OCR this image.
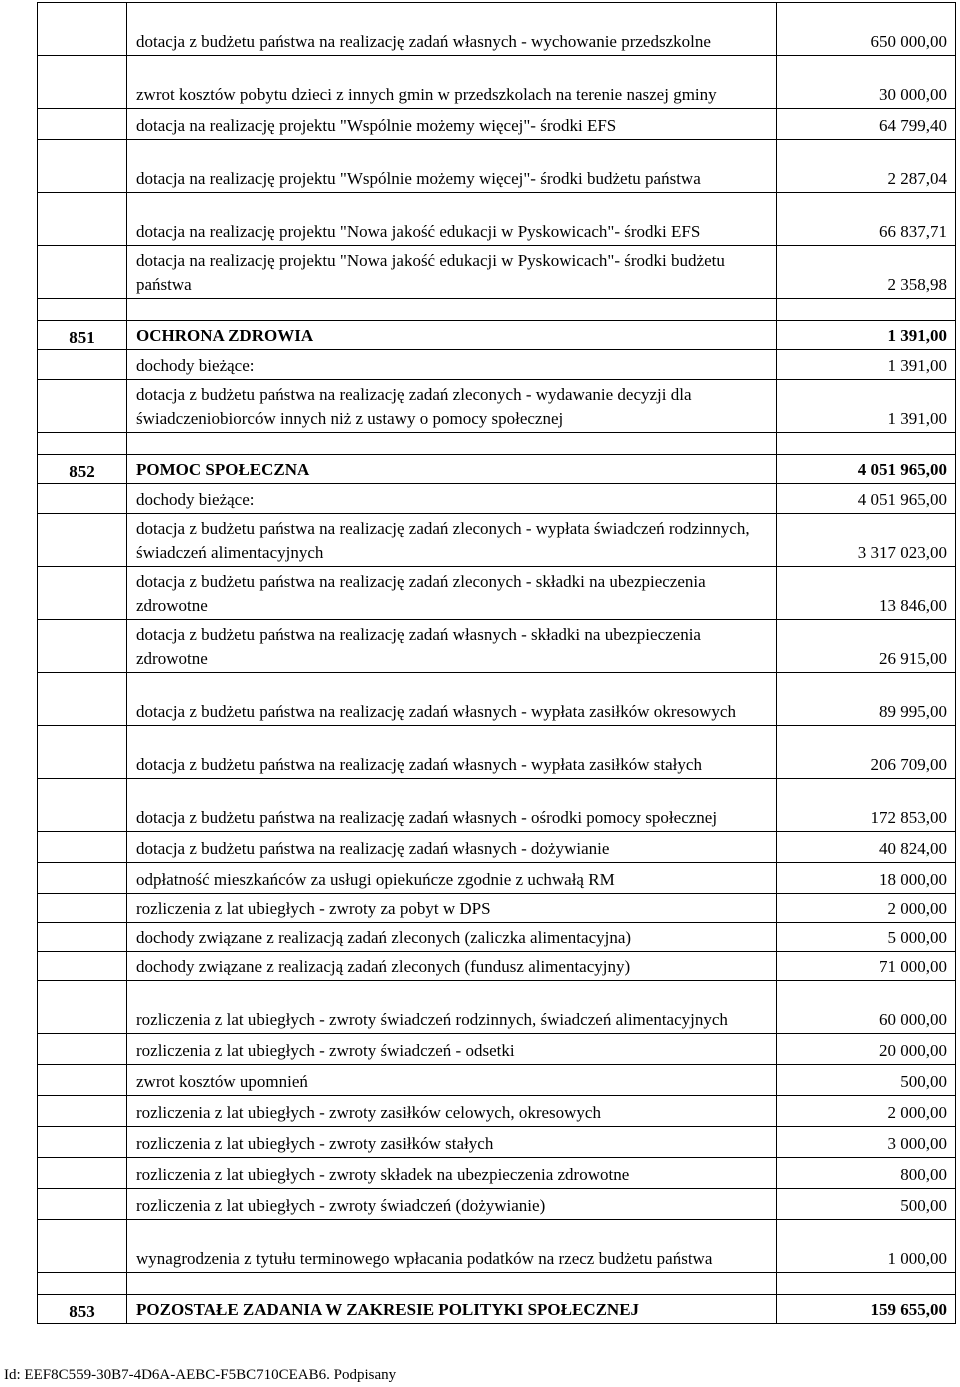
	dotacja z budżetu państwa na realizację zadań własnych - wychowanie przedszkolne	650 000,00

	zwrot kosztów pobytu dzieci z innych gmin w przedszkolach na terenie naszej gminy	30 000,00

	dotacja na realizację projektu "Wspólnie możemy więcej"- środki EFS	64 799,40

	dotacja na realizację projektu "Wspólnie możemy więcej"- środki budżetu państwa	2 287,04

	dotacja na realizację projektu "Nowa jakość edukacji w Pyskowicach"- środki EFS	66 837,71

	dotacja na realizację projektu "Nowa jakość edukacji w Pyskowicach"- środki budżetu państwa	2 358,98

851	OCHRONA ZDROWIA	1 391,00

	dochody bieżące:	1 391,00

	dotacja z budżetu państwa na realizację zadań zleconych - wydawanie decyzji dla świadczeniobiorców innych niż z ustawy o pomocy społecznej	1 391,00

852	POMOC SPOŁECZNA	4 051 965,00

	dochody bieżące:	4 051 965,00

	dotacja z budżetu państwa na realizację zadań zleconych - wypłata świadczeń rodzinnych, świadczeń alimentacyjnych	3 317 023,00

	dotacja z budżetu państwa na realizację zadań zleconych - składki na ubezpieczenia zdrowotne	13 846,00

	dotacja z budżetu państwa na realizację zadań własnych - składki na ubezpieczenia zdrowotne	26 915,00

	dotacja z budżetu państwa na realizację zadań własnych - wypłata zasiłków okresowych	89 995,00

	dotacja z budżetu państwa na realizację zadań własnych - wypłata zasiłków stałych	206 709,00

	dotacja z budżetu państwa na realizację zadań własnych - ośrodki pomocy społecznej	172 853,00

	dotacja z budżetu państwa na realizację zadań własnych - dożywianie	40 824,00

	odpłatność mieszkańców za usługi opiekuńcze zgodnie z uchwałą RM	18 000,00

	rozliczenia z lat ubiegłych - zwroty za pobyt w DPS	2 000,00

	dochody związane z realizacją zadań zleconych (zaliczka alimentacyjna)	5 000,00

	dochody związane z realizacją zadań zleconych (fundusz alimentacyjny)	71 000,00

	rozliczenia z lat ubiegłych - zwroty świadczeń rodzinnych, świadczeń alimentacyjnych	60 000,00

	rozliczenia z lat ubiegłych - zwroty świadczeń - odsetki	20 000,00

	zwrot kosztów upomnień	500,00

	rozliczenia z lat ubiegłych - zwroty zasiłków celowych, okresowych	2 000,00

	rozliczenia z lat ubiegłych - zwroty zasiłków stałych	3 000,00

	rozliczenia z lat ubiegłych - zwroty składek na ubezpieczenia zdrowotne	800,00

	rozliczenia z lat ubiegłych - zwroty świadczeń (dożywianie)	500,00

	wynagrodzenia z tytułu terminowego wpłacania podatków na rzecz budżetu państwa	1 000,00

853	POZOSTAŁE ZADANIA W ZAKRESIE POLITYKI SPOŁECZNEJ	159 655,00
Id: EEF8C559-30B7-4D6A-AEBC-F5BC710CEAB6. Podpisany
